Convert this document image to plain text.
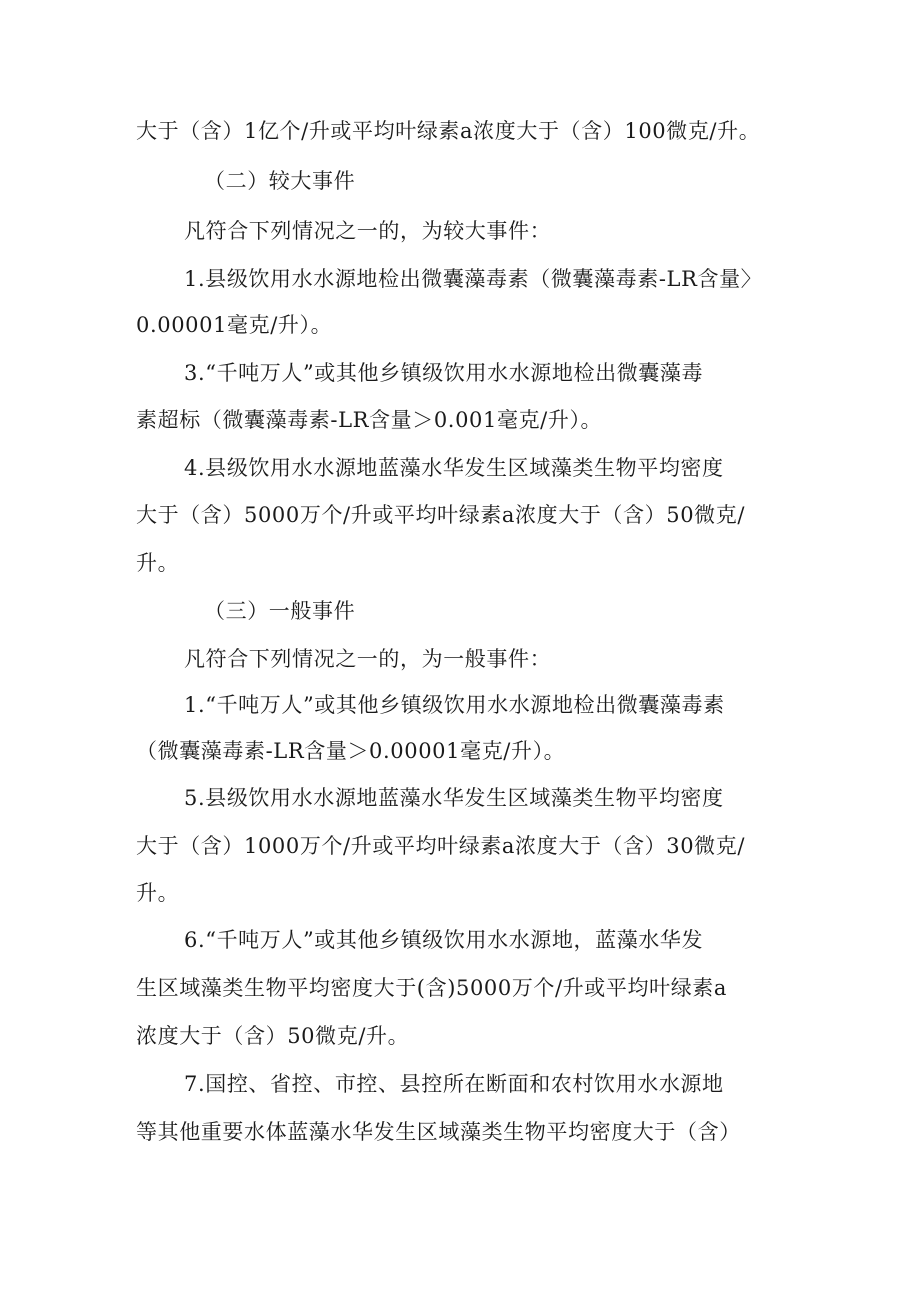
大于（含）1亿个/升或平均叶绿素a浓度大于（含）100微克/升。
（二）较大事件
凡符合下列情况之一的，为较大事件：
1.县级饮用水水源地检出微囊藻毒素（微囊藻毒素-LR含量〉
0.00001毫克/升）。
3.“千吨万人”或其他乡镇级饮用水水源地检出微囊藻毒
素超标（微囊藻毒素-LR含量＞0.001毫克/升）。
4.县级饮用水水源地蓝藻水华发生区域藻类生物平均密度
大于（含）5000万个/升或平均叶绿素a浓度大于（含）50微克/
升。
（三）一般事件
凡符合下列情况之一的，为一般事件：
1.“千吨万人”或其他乡镇级饮用水水源地检出微囊藻毒素
（微囊藻毒素-LR含量＞0.00001毫克/升）。
5.县级饮用水水源地蓝藻水华发生区域藻类生物平均密度
大于（含）1000万个/升或平均叶绿素a浓度大于（含）30微克/
升。
6.“千吨万人”或其他乡镇级饮用水水源地，蓝藻水华发
生区域藻类生物平均密度大于(含)5000万个/升或平均叶绿素a
浓度大于（含）50微克/升。
7.国控、省控、市控、县控所在断面和农村饮用水水源地
等其他重要水体蓝藻水华发生区域藻类生物平均密度大于（含）
